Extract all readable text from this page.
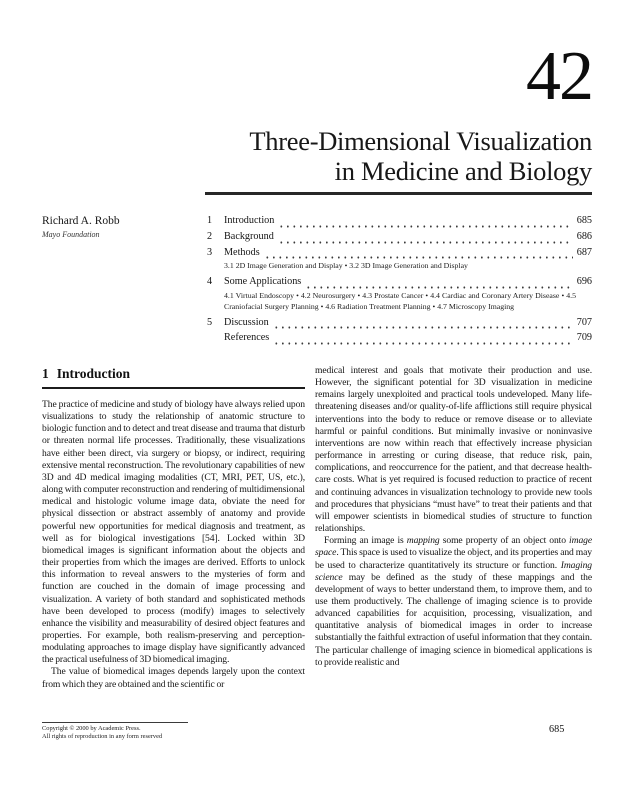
42
Three-Dimensional Visualization
in Medicine and Biology
Richard A. Robb
Mayo Foundation
1	Introduction	685
2	Background	686
3	Methods	687
3.1 2D Image Generation and Display • 3.2 3D Image Generation and Display
4	Some Applications	696
4.1 Virtual Endoscopy • 4.2 Neurosurgery • 4.3 Prostate Cancer • 4.4 Cardiac and Coronary Artery Disease • 4.5 Craniofacial Surgery Planning • 4.6 Radiation Treatment Planning • 4.7 Microscopy Imaging
5	Discussion	707
References	709
1 Introduction

The practice of medicine and study of biology have always relied upon visualizations to study the relationship of anatomic structure to biologic function and to detect and treat disease and trauma that disturb or threaten normal life processes. Traditionally, these visualizations have either been direct, via surgery or biopsy, or indirect, requiring extensive mental reconstruction. The revolutionary capabilities of new 3D and 4D medical imaging modalities (CT, MRI, PET, US, etc.), along with computer reconstruction and rendering of multidimensional medical and histologic volume image data, obviate the need for physical dissection or abstract assembly of anatomy and provide powerful new opportunities for medical diagnosis and treatment, as well as for biological investigations [54]. Locked within 3D biomedical images is significant information about the objects and their properties from which the images are derived. Efforts to unlock this information to reveal answers to the mysteries of form and function are couched in the domain of image processing and visualization. A variety of both standard and sophisticated methods have been developed to process (modify) images to selectively enhance the visibility and measurability of desired object features and properties. For example, both realism-preserving and perception-modulating approaches to image display have significantly advanced the practical usefulness of 3D biomedical imaging.

The value of biomedical images depends largely upon the context from which they are obtained and the scientific or

medical interest and goals that motivate their production and use. However, the significant potential for 3D visualization in medicine remains largely unexploited and practical tools undeveloped. Many life-threatening diseases and/or quality-of-life afflictions still require physical interventions into the body to reduce or remove disease or to alleviate harmful or painful conditions. But minimally invasive or noninvasive interventions are now within reach that effectively increase physician performance in arresting or curing disease, that reduce risk, pain, complications, and reoccurrence for the patient, and that decrease health-care costs. What is yet required is focused reduction to practice of recent and continuing advances in visualization technology to provide new tools and procedures that physicians “must have” to treat their patients and that will empower scientists in biomedical studies of structure to function relationships.

Forming an image is mapping some property of an object onto image space. This space is used to visualize the object, and its properties and may be used to characterize quantitatively its structure or function. Imaging science may be defined as the study of these mappings and the development of ways to better understand them, to improve them, and to use them productively. The challenge of imaging science is to provide advanced capabilities for acquisition, processing, visualization, and quantitative analysis of biomedical images in order to increase substantially the faithful extraction of useful information that they contain. The particular challenge of imaging science in biomedical applications is to provide realistic and

Copyright © 2000 by Academic Press.
All rights of reproduction in any form reserved
685
